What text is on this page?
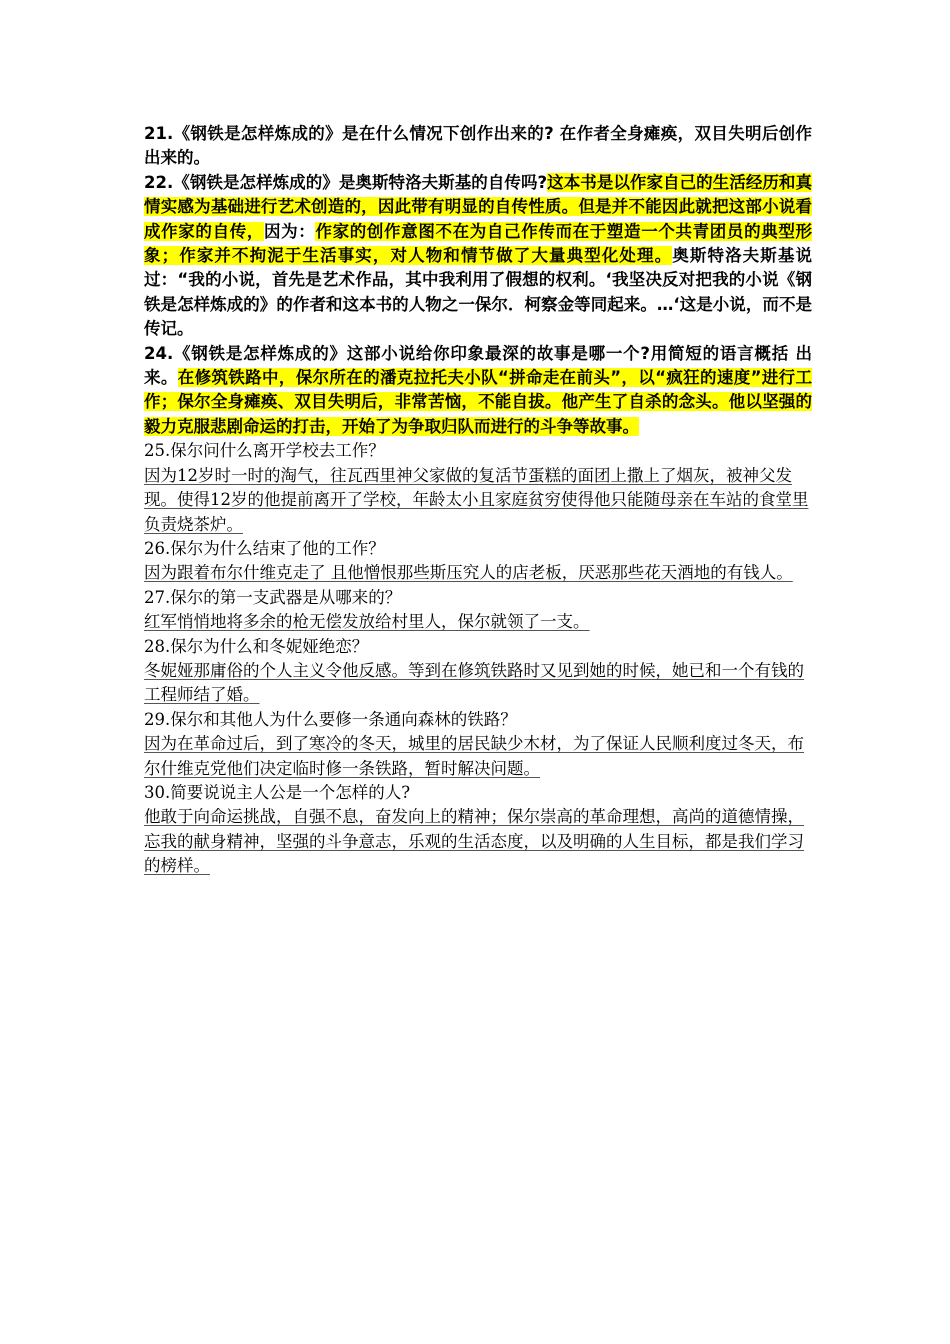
21.《钢铁是怎样炼成的》是在什么情况下创作出来的? 在作者全身瘫痪，双目失明后创作出来的。

22.《钢铁是怎样炼成的》是奥斯特洛夫斯基的自传吗?这本书是以作家自己的生活经历和真情实感为基础进行艺术创造的，因此带有明显的自传性质。但是并不能因此就把这部小说看成作家的自传，因为：作家的创作意图不在为自己作传而在于塑造一个共青团员的典型形象；作家并不拘泥于生活事实，对人物和情节做了大量典型化处理。奥斯特洛夫斯基说过：“我的小说，首先是艺术作品，其中我利用了假想的权利。‘我坚决反对把我的小说《钢铁是怎样炼成的》的作者和这本书的人物之一保尔．柯察金等同起来。…‘这是小说，而不是传记。

24.《钢铁是怎样炼成的》这部小说给你印象最深的故事是哪一个?用简短的语言概括 出来。在修筑铁路中，保尔所在的潘克拉托夫小队“拼命走在前头”，以“疯狂的速度”进行工作；保尔全身瘫痪、双目失明后，非常苦恼，不能自拔。他产生了自杀的念头。他以坚强的毅力克服悲剧命运的打击，开始了为争取归队而进行的斗争等故事。

25.保尔问什么离开学校去工作？

因为12岁时一时的淘气，往瓦西里神父家做的复活节蛋糕的面团上撒上了烟灰，被神父发现。使得12岁的他提前离开了学校，年龄太小且家庭贫穷使得他只能随母亲在车站的食堂里负责烧茶炉。

26.保尔为什么结束了他的工作？

因为跟着布尔什维克走了 且他憎恨那些斯压究人的店老板，厌恶那些花天酒地的有钱人。

27.保尔的第一支武器是从哪来的？

红军悄悄地将多余的枪无偿发放给村里人，保尔就领了一支。

28.保尔为什么和冬妮娅绝恋？

冬妮娅那庸俗的个人主义令他反感。等到在修筑铁路时又见到她的时候，她已和一个有钱的工程师结了婚。

29.保尔和其他人为什么要修一条通向森林的铁路？

因为在革命过后，到了寒冷的冬天，城里的居民缺少木材，为了保证人民顺利度过冬天，布尔什维克党他们决定临时修一条铁路，暂时解决问题。

30.简要说说主人公是一个怎样的人?

他敢于向命运挑战，自强不息，奋发向上的精神；保尔崇高的革命理想，高尚的道德情操，忘我的献身精神，坚强的斗争意志，乐观的生活态度，以及明确的人生目标，都是我们学习的榜样。
